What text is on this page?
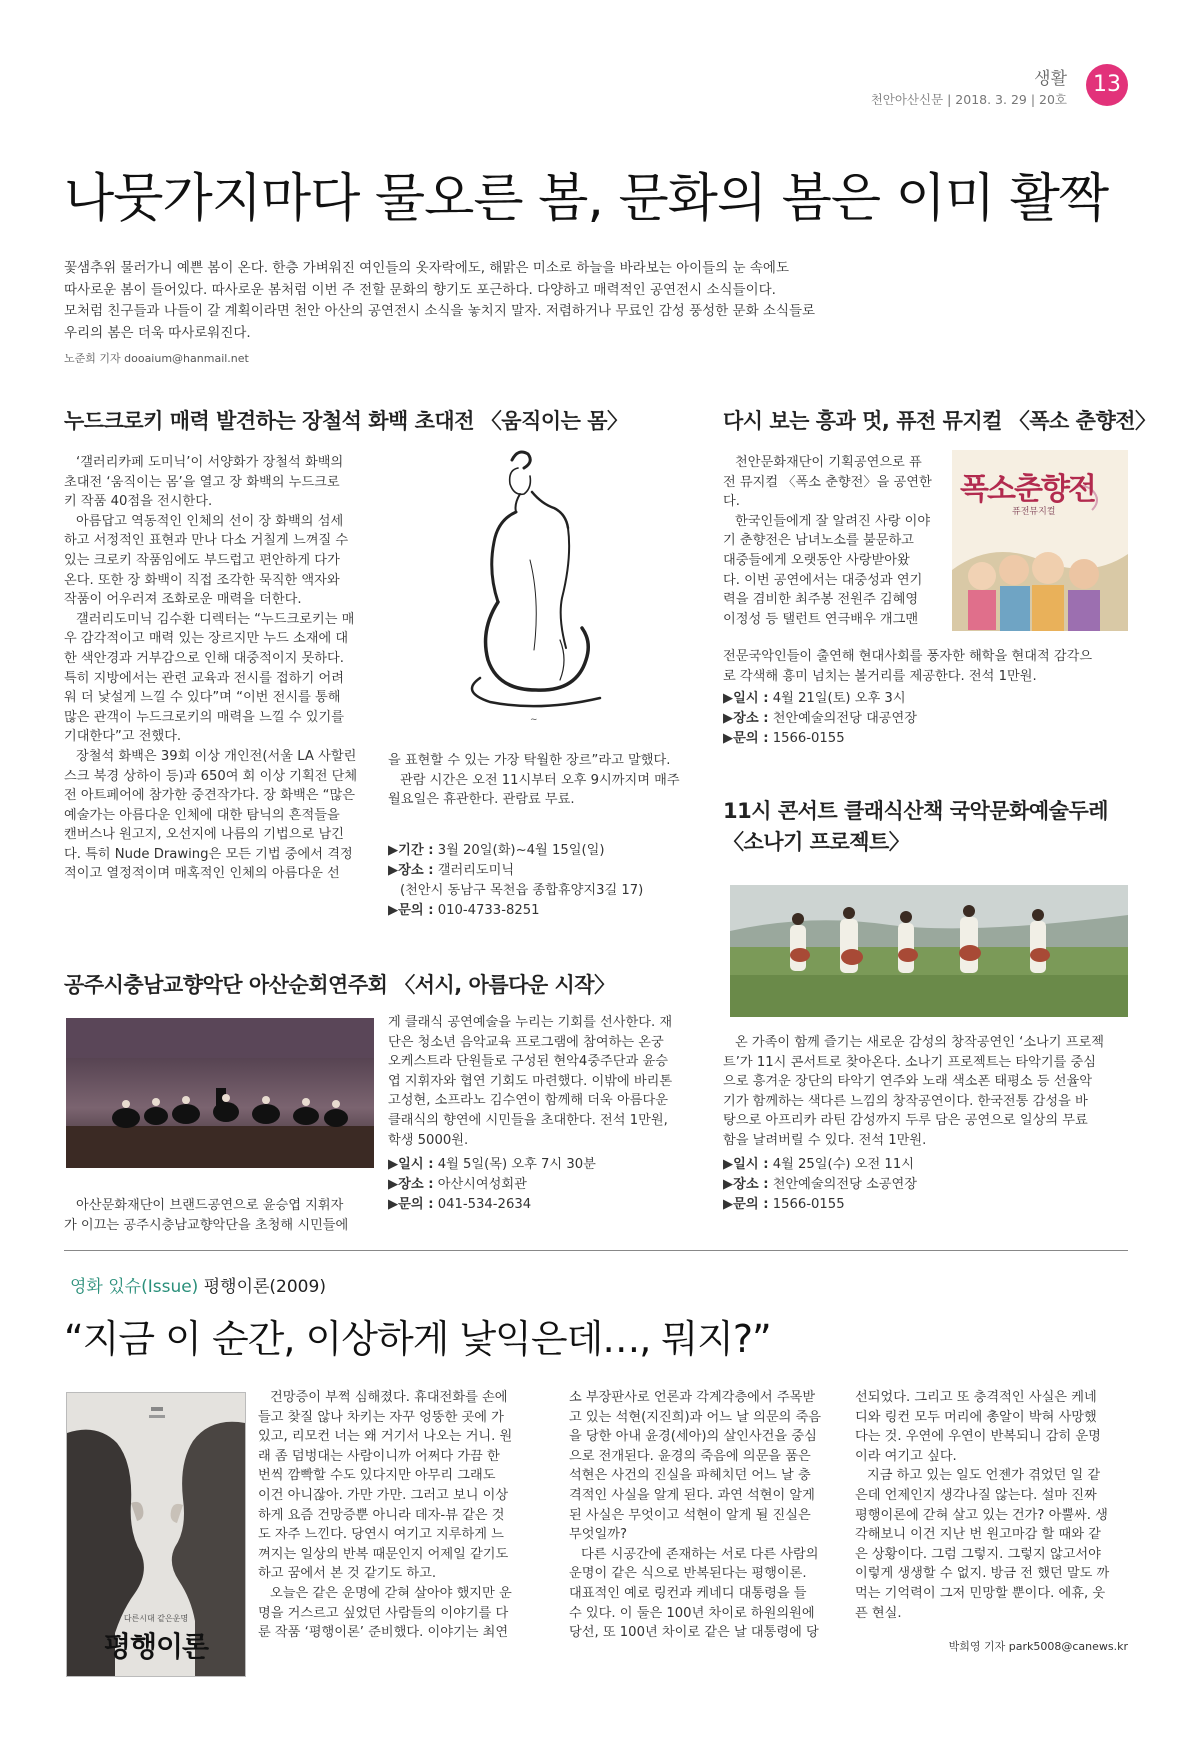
생활
천안아산신문 | 2018. 3. 29 | 20호
13
나뭇가지마다 물오른 봄, 문화의 봄은 이미 활짝
꽃샘추위 물러가니 예쁜 봄이 온다. 한층 가벼워진 여인들의 옷자락에도, 해맑은 미소로 하늘을 바라보는 아이들의 눈 속에도
따사로운 봄이 들어있다. 따사로운 봄처럼 이번 주 전할 문화의 향기도 포근하다. 다양하고 매력적인 공연전시 소식들이다.
모처럼 친구들과 나들이 갈 계획이라면 천안 아산의 공연전시 소식을 놓치지 말자. 저렴하거나 무료인 감성 풍성한 문화 소식들로
우리의 봄은 더욱 따사로워진다.
노준희 기자 dooaium@hanmail.net
누드크로키 매력 발견하는 장철석 화백 초대전 〈움직이는 몸〉
‘갤러리카페 도미닉’이 서양화가 장철석 화백의
초대전 ‘움직이는 몸’을 열고 장 화백의 누드크로
키 작품 40점을 전시한다.
아름답고 역동적인 인체의 선이 장 화백의 섬세
하고 서정적인 표현과 만나 다소 거칠게 느껴질 수
있는 크로키 작품임에도 부드럽고 편안하게 다가
온다. 또한 장 화백이 직접 조각한 묵직한 액자와
작품이 어우러져 조화로운 매력을 더한다.
갤러리도미닉 김수환 디렉터는 “누드크로키는 매
우 감각적이고 매력 있는 장르지만 누드 소재에 대
한 색안경과 거부감으로 인해 대중적이지 못하다.
특히 지방에서는 관련 교육과 전시를 접하기 어려
워 더 낯설게 느낄 수 있다”며 “이번 전시를 통해
많은 관객이 누드크로키의 매력을 느낄 수 있기를
기대한다”고 전했다.
장철석 화백은 39회 이상 개인전(서울 LA 사할린
스크 북경 상하이 등)과 650여 회 이상 기획전 단체
전 아트페어에 참가한 중견작가다. 장 화백은 “많은
예술가는 아름다운 인체에 대한 탐닉의 흔적들을
캔버스나 원고지, 오선지에 나름의 기법으로 남긴
다. 특히 Nude Drawing은 모든 기법 중에서 격정
적이고 열정적이며 매혹적인 인체의 아름다운 선
~
을 표현할 수 있는 가장 탁월한 장르”라고 말했다.
관람 시간은 오전 11시부터 오후 9시까지며 매주
월요일은 휴관한다. 관람료 무료.
▶기간 : 3월 20일(화)~4월 15일(일)
▶장소 : 갤러리도미닉
(천안시 동남구 목천읍 종합휴양지3길 17)
▶문의 : 010-4733-8251
다시 보는 흥과 멋, 퓨전 뮤지컬 〈폭소 춘향전〉
천안문화재단이 기획공연으로 퓨
전 뮤지컬 〈폭소 춘향전〉을 공연한
다.
한국인들에게 잘 알려진 사랑 이야
기 춘향전은 남녀노소를 불문하고
대중들에게 오랫동안 사랑받아왔
다. 이번 공연에서는 대중성과 연기
력을 겸비한 최주봉 전원주 김혜영
이정성 등 탤런트 연극배우 개그맨
폭소춘향전
퓨전뮤지컬
전문국악인들이 출연해 현대사회를 풍자한 해학을 현대적 감각으
로 각색해 흥미 넘치는 볼거리를 제공한다. 전석 1만원.
▶일시 : 4월 21일(토) 오후 3시
▶장소 : 천안예술의전당 대공연장
▶문의 : 1566-0155
11시 콘서트 클래식산책 국악문화예술두레
〈소나기 프로젝트〉
온 가족이 함께 즐기는 새로운 감성의 창작공연인 ‘소나기 프로젝
트’가 11시 콘서트로 찾아온다. 소나기 프로젝트는 타악기를 중심
으로 흥겨운 장단의 타악기 연주와 노래 색소폰 태평소 등 선율악
기가 함께하는 색다른 느낌의 창작공연이다. 한국전통 감성을 바
탕으로 아프리카 라틴 감성까지 두루 담은 공연으로 일상의 무료
함을 날려버릴 수 있다. 전석 1만원.
▶일시 : 4월 25일(수) 오전 11시
▶장소 : 천안예술의전당 소공연장
▶문의 : 1566-0155
공주시충남교향악단 아산순회연주회 〈서시, 아름다운 시작〉
아산문화재단이 브랜드공연으로 윤승엽 지휘자
가 이끄는 공주시충남교향악단을 초청해 시민들에
게 클래식 공연예술을 누리는 기회를 선사한다. 재
단은 청소년 음악교육 프로그램에 참여하는 온궁
오케스트라 단원들로 구성된 현악4중주단과 윤승
엽 지휘자와 협연 기회도 마련했다. 이밖에 바리톤
고성현, 소프라노 김수연이 함께해 더욱 아름다운
클래식의 향연에 시민들을 초대한다. 전석 1만원,
학생 5000원.
▶일시 : 4월 5일(목) 오후 7시 30분
▶장소 : 아산시여성회관
▶문의 : 041-534-2634
영화 있슈(Issue) 평행이론(2009)
“지금 이 순간, 이상하게 낯익은데…, 뭐지?”
다른시대 같은운명
평행이론
건망증이 부쩍 심해졌다. 휴대전화를 손에
들고 찾질 않나 차키는 자꾸 엉뚱한 곳에 가
있고, 리모컨 너는 왜 거기서 나오는 거니. 원
래 좀 덤벙대는 사람이니까 어쩌다 가끔 한
번씩 깜빡할 수도 있다지만 아무리 그래도
이건 아니잖아. 가만 가만. 그러고 보니 이상
하게 요즘 건망증뿐 아니라 데자-뷰 같은 것
도 자주 느낀다. 당연시 여기고 지루하게 느
껴지는 일상의 반복 때문인지 어제일 같기도
하고 꿈에서 본 것 같기도 하고.
오늘은 같은 운명에 갇혀 살아야 했지만 운
명을 거스르고 싶었던 사람들의 이야기를 다
룬 작품 ‘평행이론’ 준비했다. 이야기는 최연
소 부장판사로 언론과 각계각층에서 주목받
고 있는 석현(지진희)과 어느 날 의문의 죽음
을 당한 아내 윤경(세아)의 살인사건을 중심
으로 전개된다. 윤경의 죽음에 의문을 품은
석현은 사건의 진실을 파헤치던 어느 날 충
격적인 사실을 알게 된다. 과연 석현이 알게
된 사실은 무엇이고 석현이 알게 될 진실은
무엇일까?
다른 시공간에 존재하는 서로 다른 사람의
운명이 같은 식으로 반복된다는 평행이론.
대표적인 예로 링컨과 케네디 대통령을 들
수 있다. 이 둘은 100년 차이로 하원의원에
당선, 또 100년 차이로 같은 날 대통령에 당
선되었다. 그리고 또 충격적인 사실은 케네
디와 링컨 모두 머리에 총알이 박혀 사망했
다는 것. 우연에 우연이 반복되니 감히 운명
이라 여기고 싶다.
지금 하고 있는 일도 언젠가 겪었던 일 같
은데 언제인지 생각나질 않는다. 설마 진짜
평행이론에 갇혀 살고 있는 건가? 아뿔싸. 생
각해보니 이건 지난 번 원고마감 할 때와 같
은 상황이다. 그럼 그렇지. 그렇지 않고서야
이렇게 생생할 수 없지. 방금 전 했던 말도 까
먹는 기억력이 그저 민망할 뿐이다. 에휴, 웃
픈 현실.
박희영 기자 park5008@canews.kr
